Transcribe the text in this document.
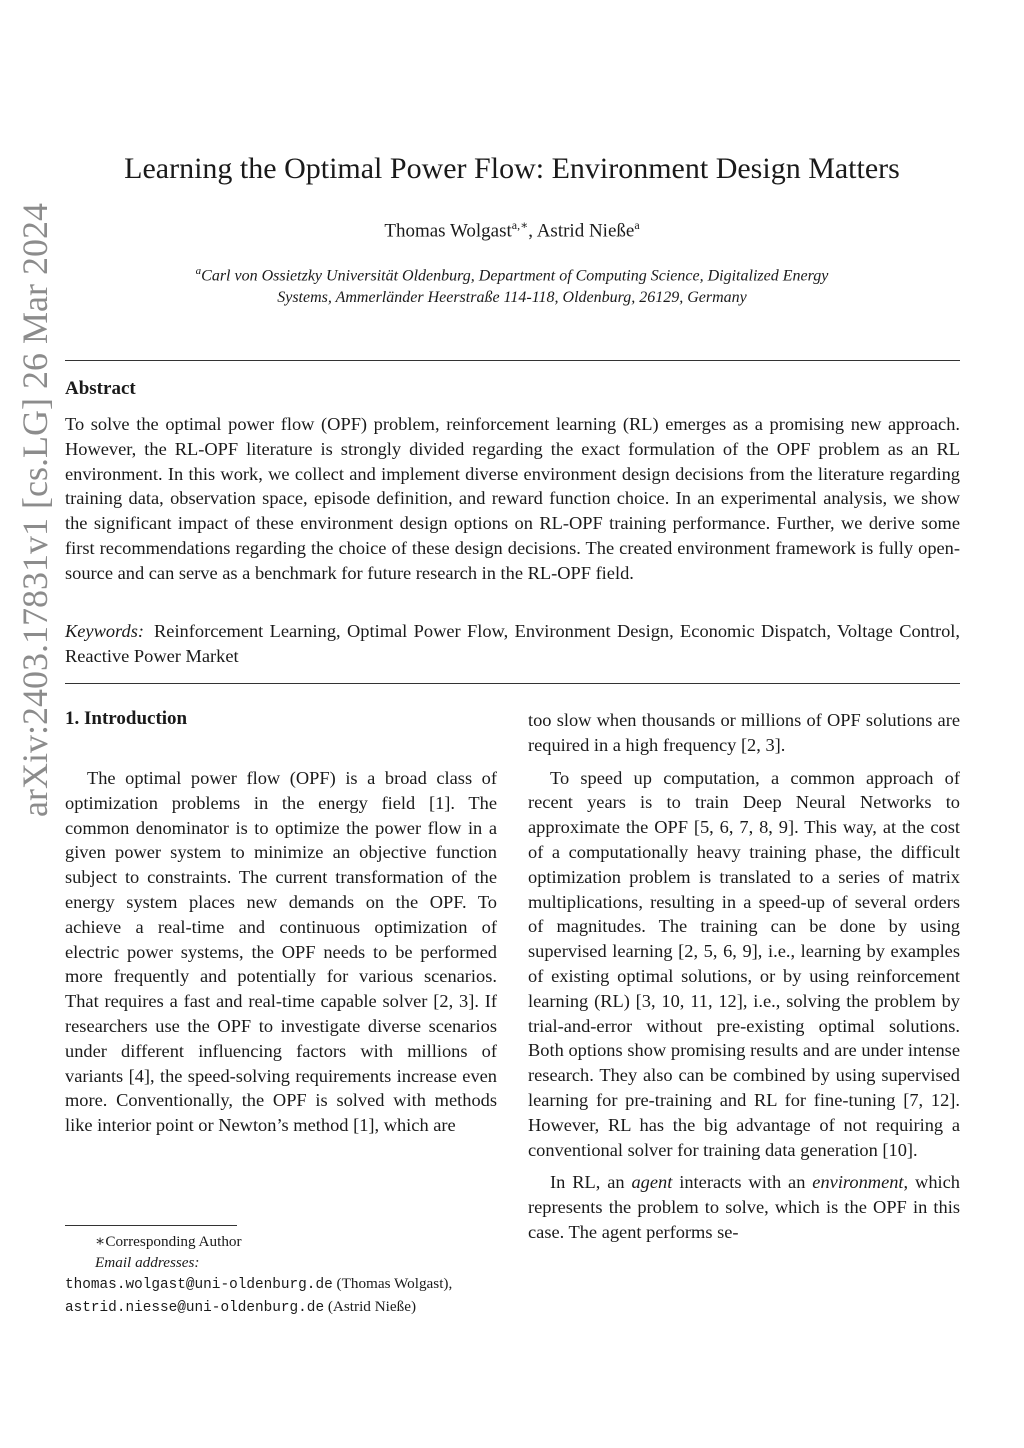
arXiv:2403.17831v1 [cs.LG] 26 Mar 2024
Learning the Optimal Power Flow: Environment Design Matters
Thomas Wolgast$^{a,∗}$, Astrid Nieße$^a$
$^a$Carl von Ossietzky Universität Oldenburg, Department of Computing Science, Digitalized Energy
Systems, Ammerländer Heerstraße 114-118, Oldenburg, 26129, Germany
Abstract
To solve the optimal power flow (OPF) problem, reinforcement learning (RL) emerges as a promising new approach. However, the RL-OPF literature is strongly divided regarding the exact formulation of the OPF problem as an RL environment. In this work, we collect and implement diverse environment design decisions from the literature regarding training data, observation space, episode definition, and reward function choice. In an experimental analysis, we show the significant impact of these environment design options on RL-OPF training performance. Further, we derive some first recommendations regarding the choice of these design decisions. The created environment framework is fully open-source and can serve as a benchmark for future research in the RL-OPF field.
Keywords: Reinforcement Learning, Optimal Power Flow, Environment Design, Economic Dispatch, Voltage Control, Reactive Power Market
1. Introduction

The optimal power flow (OPF) is a broad class of optimization problems in the energy field [1]. The common denominator is to optimize the power flow in a given power system to minimize an objective function subject to constraints. The current transformation of the energy system places new demands on the OPF. To achieve a real-time and continuous optimization of electric power systems, the OPF needs to be performed more frequently and potentially for various scenarios. That requires a fast and real-time capable solver [2, 3]. If researchers use the OPF to investigate diverse scenarios under different influencing factors with millions of variants [4], the speed-solving requirements increase even more. Conventionally, the OPF is solved with methods like interior point or Newton’s method [1], which are

too slow when thousands or millions of OPF solutions are required in a high frequency [2, 3].

To speed up computation, a common approach of recent years is to train Deep Neural Networks to approximate the OPF [5, 6, 7, 8, 9]. This way, at the cost of a computationally heavy training phase, the difficult optimization problem is translated to a series of matrix multiplications, resulting in a speed-up of several orders of magnitudes. The training can be done by using supervised learning [2, 5, 6, 9], i.e., learning by examples of existing optimal solutions, or by using reinforcement learning (RL) [3, 10, 11, 12], i.e., solving the problem by trial-and-error without pre-existing optimal solutions. Both options show promising results and are under intense research. They also can be combined by using supervised learning for pre-training and RL for fine-tuning [7, 12]. However, RL has the big advantage of not requiring a conventional solver for training data generation [10].

In RL, an agent interacts with an environment, which represents the problem to solve, which is the OPF in this case. The agent performs se-

∗Corresponding Author
Email addresses:
thomas.wolgast@uni-oldenburg.de (Thomas Wolgast),
astrid.niesse@uni-oldenburg.de (Astrid Nieße)
